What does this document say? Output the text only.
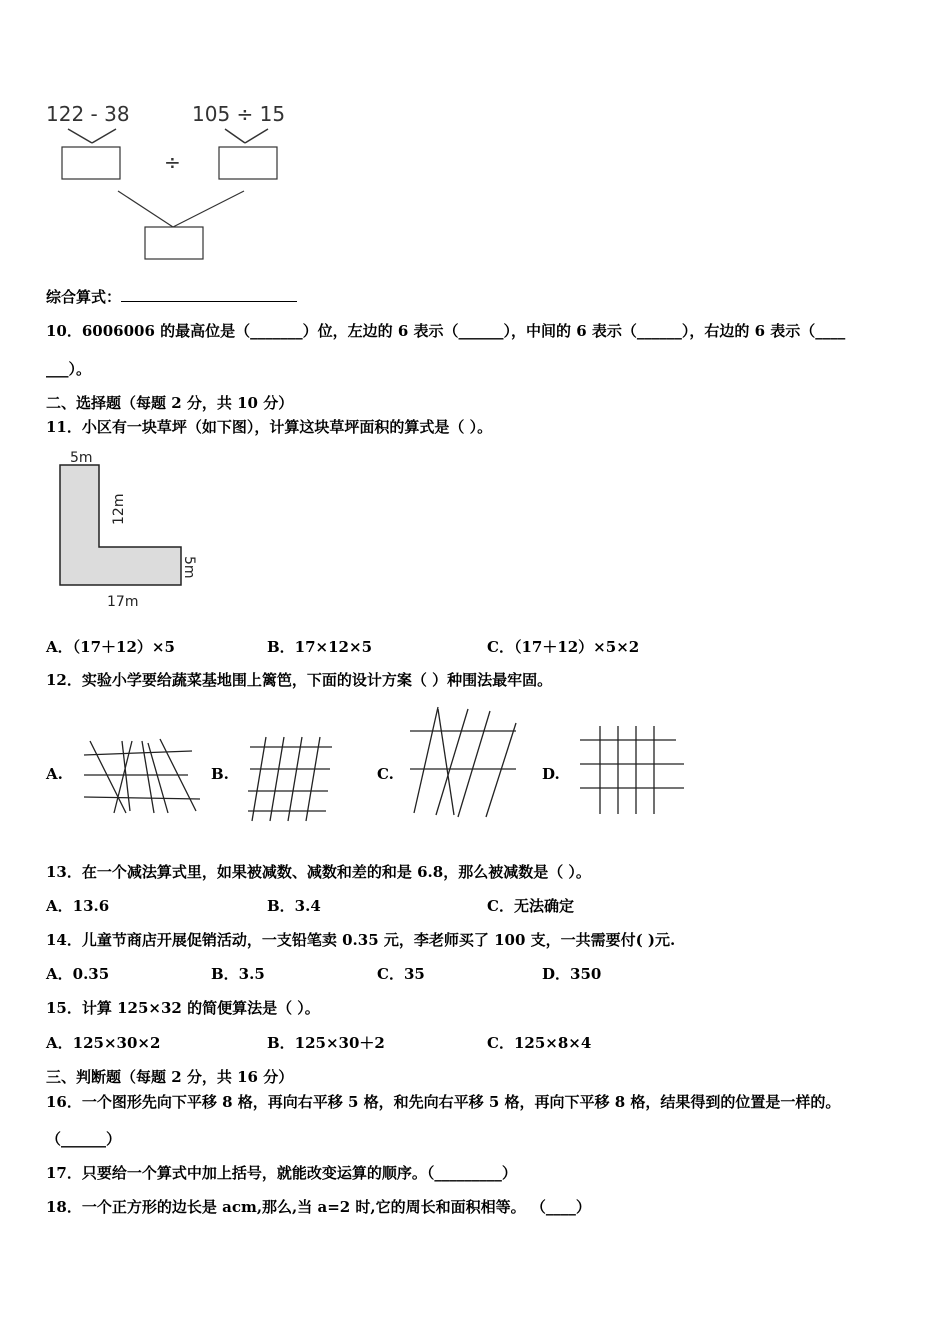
122 - 38	105 ÷ 15
÷
综合算式：
10．6006006 的最高位是（_______）位，左边的 6 表示（______），中间的 6 表示（______），右边的 6 表示（____
___）。
二、选择题（每题 2 分，共 10 分）
11．小区有一块草坪（如下图），计算这块草坪面积的算式是（ ）。
5m
12m
5m
17m
A．（17＋12）×5	B．17×12×5	C．（17＋12）×5×2
12．实验小学要给蔬菜基地围上篱笆，下面的设计方案（ ）种围法最牢固。
A.	B.	C.	D.
13．在一个减法算式里，如果被减数、减数和差的和是 6.8，那么被减数是（ ）。
A．13.6	B．3.4	C．无法确定
14．儿童节商店开展促销活动，一支铅笔卖 0.35 元，李老师买了 100 支，一共需要付( )元.
A．0.35	B．3.5	C．35	D．350
15．计算 125×32 的简便算法是（ ）。
A．125×30×2	B．125×30＋2	C．125×8×4
三、判断题（每题 2 分，共 16 分）
16．一个图形先向下平移 8 格，再向右平移 5 格，和先向右平移 5 格，再向下平移 8 格，结果得到的位置是一样的。
（______）
17．只要给一个算式中加上括号，就能改变运算的顺序。（_________）
18．一个正方形的边长是 acm,那么,当 a=2 时,它的周长和面积相等。 （____）
